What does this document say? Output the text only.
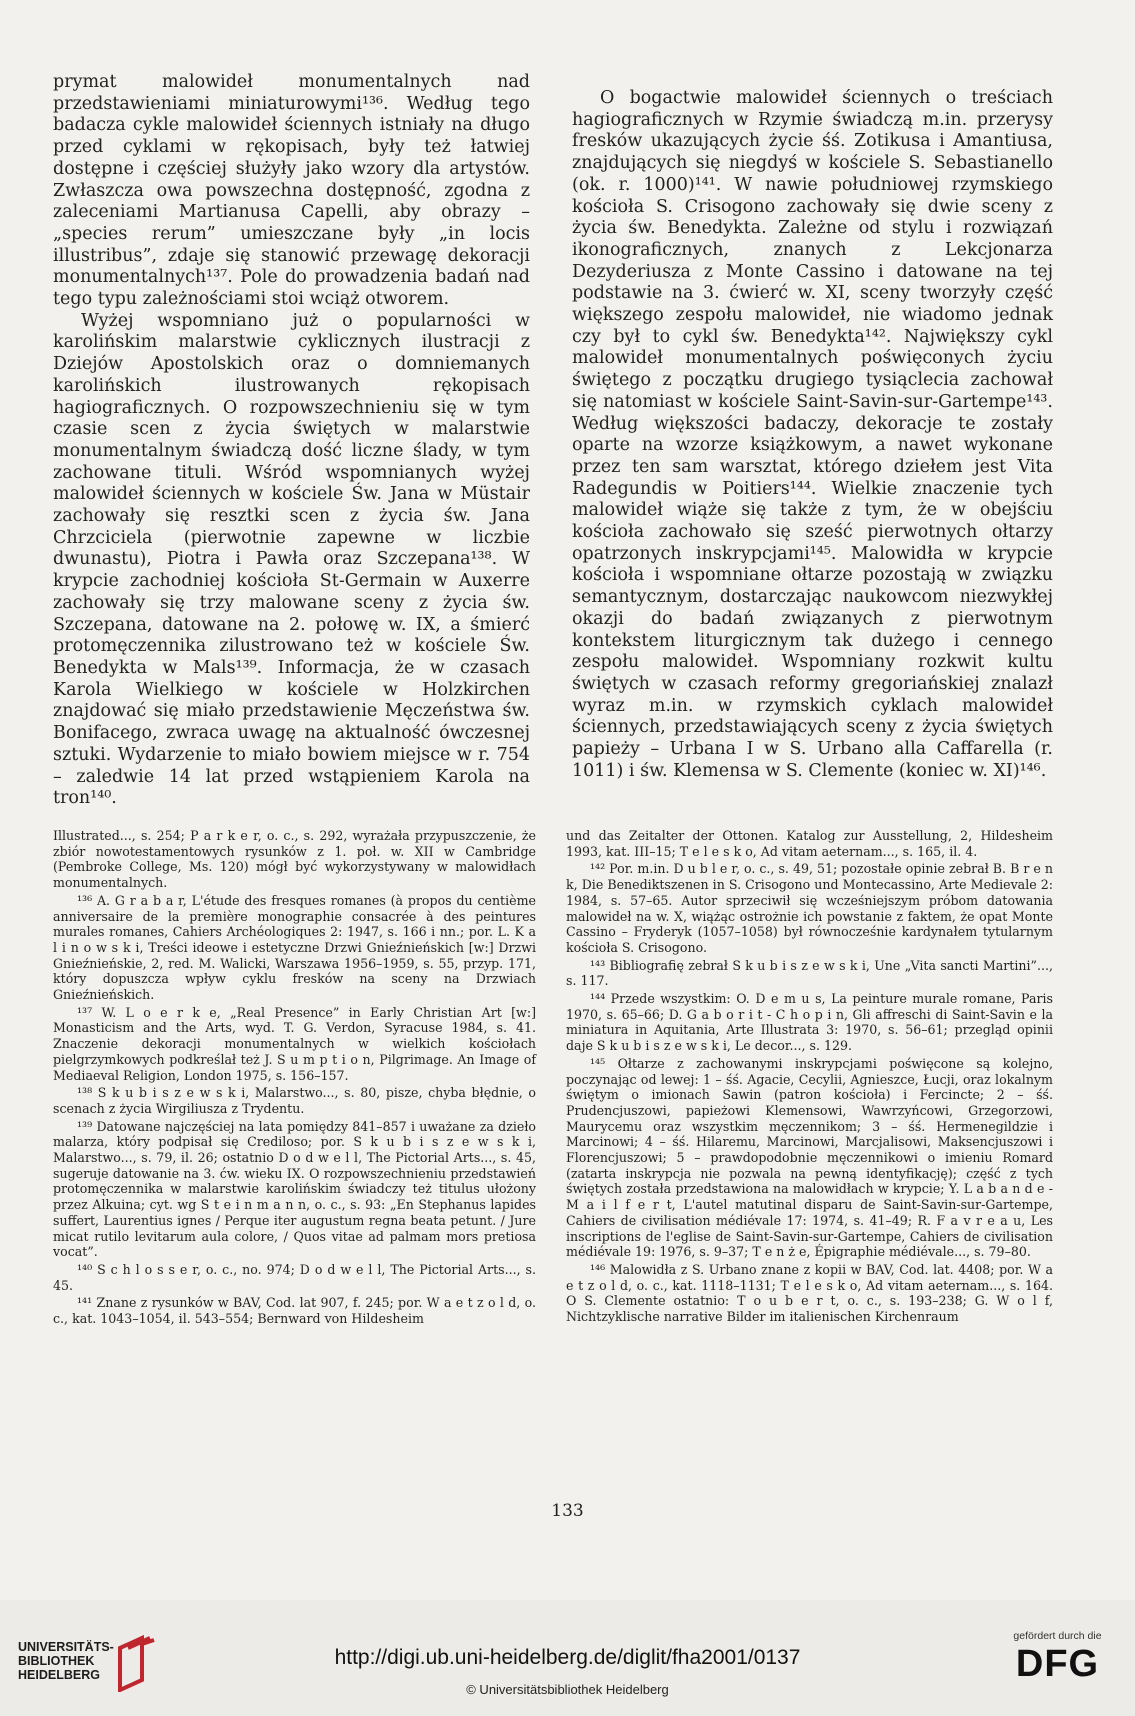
prymat malowideł monumentalnych nad przedstawieniami miniaturowymi¹³⁶. Według tego badacza cykle malowideł ściennych istniały na długo przed cyklami w rękopisach, były też łatwiej dostępne i częściej służyły jako wzory dla artystów. Zwłaszcza owa powszechna dostępność, zgodna z zaleceniami Martianusa Capelli, aby obrazy – „species rerum” umieszczane były „in locis illustribus”, zdaje się stanowić przewagę dekoracji monumentalnych¹³⁷. Pole do prowadzenia badań nad tego typu zależnościami stoi wciąż otworem.

Wyżej wspomniano już o popularności w karolińskim malarstwie cyklicznych ilustracji z Dziejów Apostolskich oraz o domniemanych karolińskich ilustrowanych rękopisach hagiograficznych. O rozpowszechnieniu się w tym czasie scen z życia świętych w malarstwie monumentalnym świadczą dość liczne ślady, w tym zachowane tituli. Wśród wspomnianych wyżej malowideł ściennych w kościele Św. Jana w Müstair zachowały się resztki scen z życia św. Jana Chrzciciela (pierwotnie zapewne w liczbie dwunastu), Piotra i Pawła oraz Szczepana¹³⁸. W krypcie zachodniej kościoła St-Germain w Auxerre zachowały się trzy malowane sceny z życia św. Szczepana, datowane na 2. połowę w. IX, a śmierć protomęczennika zilustrowano też w kościele Św. Benedykta w Mals¹³⁹. Informacja, że w czasach Karola Wielkiego w kościele w Holzkirchen znajdować się miało przedstawienie Męczeństwa św. Bonifacego, zwraca uwagę na aktualność ówczesnej sztuki. Wydarzenie to miało bowiem miejsce w r. 754 – zaledwie 14 lat przed wstąpieniem Karola na tron¹⁴⁰.

O bogactwie malowideł ściennych o treściach hagiograficznych w Rzymie świadczą m.in. przerysy fresków ukazujących życie śś. Zotikusa i Amantiusa, znajdujących się niegdyś w kościele S. Sebastianello (ok. r. 1000)¹⁴¹. W nawie południowej rzymskiego kościoła S. Crisogono zachowały się dwie sceny z życia św. Benedykta. Zależne od stylu i rozwiązań ikonograficznych, znanych z Lekcjonarza Dezyderiusza z Monte Cassino i datowane na tej podstawie na 3. ćwierć w. XI, sceny tworzyły część większego zespołu malowideł, nie wiadomo jednak czy był to cykl św. Benedykta¹⁴². Największy cykl malowideł monumentalnych poświęconych życiu świętego z początku drugiego tysiąclecia zachował się natomiast w kościele Saint-Savin-sur-Gartempe¹⁴³. Według większości badaczy, dekoracje te zostały oparte na wzorze książkowym, a nawet wykonane przez ten sam warsztat, którego dziełem jest Vita Radegundis w Poitiers¹⁴⁴. Wielkie znaczenie tych malowideł wiąże się także z tym, że w obejściu kościoła zachowało się sześć pierwotnych ołtarzy opatrzonych inskrypcjami¹⁴⁵. Malowidła w krypcie kościoła i wspomniane ołtarze pozostają w związku semantycznym, dostarczając naukowcom niezwykłej okazji do badań związanych z pierwotnym kontekstem liturgicznym tak dużego i cennego zespołu malowideł. Wspomniany rozkwit kultu świętych w czasach reformy gregoriańskiej znalazł wyraz m.in. w rzymskich cyklach malowideł ściennych, przedstawiających sceny z życia świętych papieży – Urbana I w S. Urbano alla Caffarella (r. 1011) i św. Klemensa w S. Clemente (koniec w. XI)¹⁴⁶.

Illustrated..., s. 254; P a r k e r, o. c., s. 292, wyrażała przypuszczenie, że zbiór nowotestamentowych rysunków z 1. poł. w. XII w Cambridge (Pembroke College, Ms. 120) mógł być wykorzystywany w malowidłach monumentalnych.

¹³⁶ A. G r a b a r, L'étude des fresques romanes (à propos du centième anniversaire de la première monographie consacrée à des peintures murales romanes, Cahiers Archéologiques 2: 1947, s. 166 i nn.; por. L. K a l i n o w s k i, Treści ideowe i estetyczne Drzwi Gnieźnieńskich [w:] Drzwi Gnieźnieńskie, 2, red. M. Walicki, Warszawa 1956–1959, s. 55, przyp. 171, który dopuszcza wpływ cyklu fresków na sceny na Drzwiach Gnieźnieńskich.

¹³⁷ W. L o e r k e, „Real Presence” in Early Christian Art [w:] Monasticism and the Arts, wyd. T. G. Verdon, Syracuse 1984, s. 41. Znaczenie dekoracji monumentalnych w wielkich kościołach pielgrzymkowych podkreślał też J. S u m p t i o n, Pilgrimage. An Image of Mediaeval Religion, London 1975, s. 156–157.

¹³⁸ S k u b i s z e w s k i, Malarstwo..., s. 80, pisze, chyba błędnie, o scenach z życia Wirgiliusza z Trydentu.

¹³⁹ Datowane najczęściej na lata pomiędzy 841–857 i uważane za dzieło malarza, który podpisał się Crediloso; por. S k u b i s z e w s k i, Malarstwo..., s. 79, il. 26; ostatnio D o d w e l l, The Pictorial Arts..., s. 45, sugeruje datowanie na 3. ćw. wieku IX. O rozpowszechnieniu przedstawień protomęczennika w malarstwie karolińskim świadczy też titulus ułożony przez Alkuina; cyt. wg S t e i n m a n n, o. c., s. 93: „En Stephanus lapides suffert, Laurentius ignes / Perque iter augustum regna beata petunt. / Jure micat rutilo levitarum aula colore, / Quos vitae ad palmam mors pretiosa vocat”.

¹⁴⁰ S c h l o s s e r, o. c., no. 974; D o d w e l l, The Pictorial Arts..., s. 45.

¹⁴¹ Znane z rysunków w BAV, Cod. lat 907, f. 245; por. W a e t z o l d, o. c., kat. 1043–1054, il. 543–554; Bernward von Hildesheim

und das Zeitalter der Ottonen. Katalog zur Ausstellung, 2, Hildesheim 1993, kat. III–15; T e l e s k o, Ad vitam aeternam..., s. 165, il. 4.

¹⁴² Por. m.in. D u b l e r, o. c., s. 49, 51; pozostałe opinie zebrał B. B r e n k, Die Benediktszenen in S. Crisogono und Montecassino, Arte Medievale 2: 1984, s. 57–65. Autor sprzeciwił się wcześniejszym próbom datowania malowideł na w. X, wiążąc ostrożnie ich powstanie z faktem, że opat Monte Cassino – Fryderyk (1057–1058) był równocześnie kardynałem tytularnym kościoła S. Crisogono.

¹⁴³ Bibliografię zebrał S k u b i s z e w s k i, Une „Vita sancti Martini”..., s. 117.

¹⁴⁴ Przede wszystkim: O. D e m u s, La peinture murale romane, Paris 1970, s. 65–66; D. G a b o r i t - C h o p i n, Gli affreschi di Saint-Savin e la miniatura in Aquitania, Arte Illustrata 3: 1970, s. 56–61; przegląd opinii daje S k u b i s z e w s k i, Le decor..., s. 129.

¹⁴⁵ Ołtarze z zachowanymi inskrypcjami poświęcone są kolejno, poczynając od lewej: 1 – śś. Agacie, Cecylii, Agnieszce, Łucji, oraz lokalnym świętym o imionach Sawin (patron kościoła) i Fercincte; 2 – śś. Prudencjuszowi, papieżowi Klemensowi, Wawrzyńcowi, Grzegorzowi, Maurycemu oraz wszystkim męczennikom; 3 – śś. Hermenegildzie i Marcinowi; 4 – śś. Hilaremu, Marcinowi, Marcjalisowi, Maksencjuszowi i Florencjuszowi; 5 – prawdopodobnie męczennikowi o imieniu Romard (zatarta inskrypcja nie pozwala na pewną identyfikację); część z tych świętych została przedstawiona na malowidłach w krypcie; Y. L a b a n d e - M a i l f e r t, L'autel matutinal disparu de Saint-Savin-sur-Gartempe, Cahiers de civilisation médiévale 17: 1974, s. 41–49; R. F a v r e a u, Les inscriptions de l'eglise de Saint-Savin-sur-Gartempe, Cahiers de civilisation médiévale 19: 1976, s. 9–37; T e n ż e, Épigraphie médiévale..., s. 79–80.

¹⁴⁶ Malowidła z S. Urbano znane z kopii w BAV, Cod. lat. 4408; por. W a e t z o l d, o. c., kat. 1118–1131; T e l e s k o, Ad vitam aeternam..., s. 164. O S. Clemente ostatnio: T o u b e r t, o. c., s. 193–238; G. W o l f, Nichtzyklische narrative Bilder im italienischen Kirchenraum

133
UNIVERSITÄTS-
BIBLIOTHEK
HEIDELBERG
http://digi.ub.uni-heidelberg.de/diglit/fha2001/0137
© Universitätsbibliothek Heidelberg
gefördert durch die
DFG
